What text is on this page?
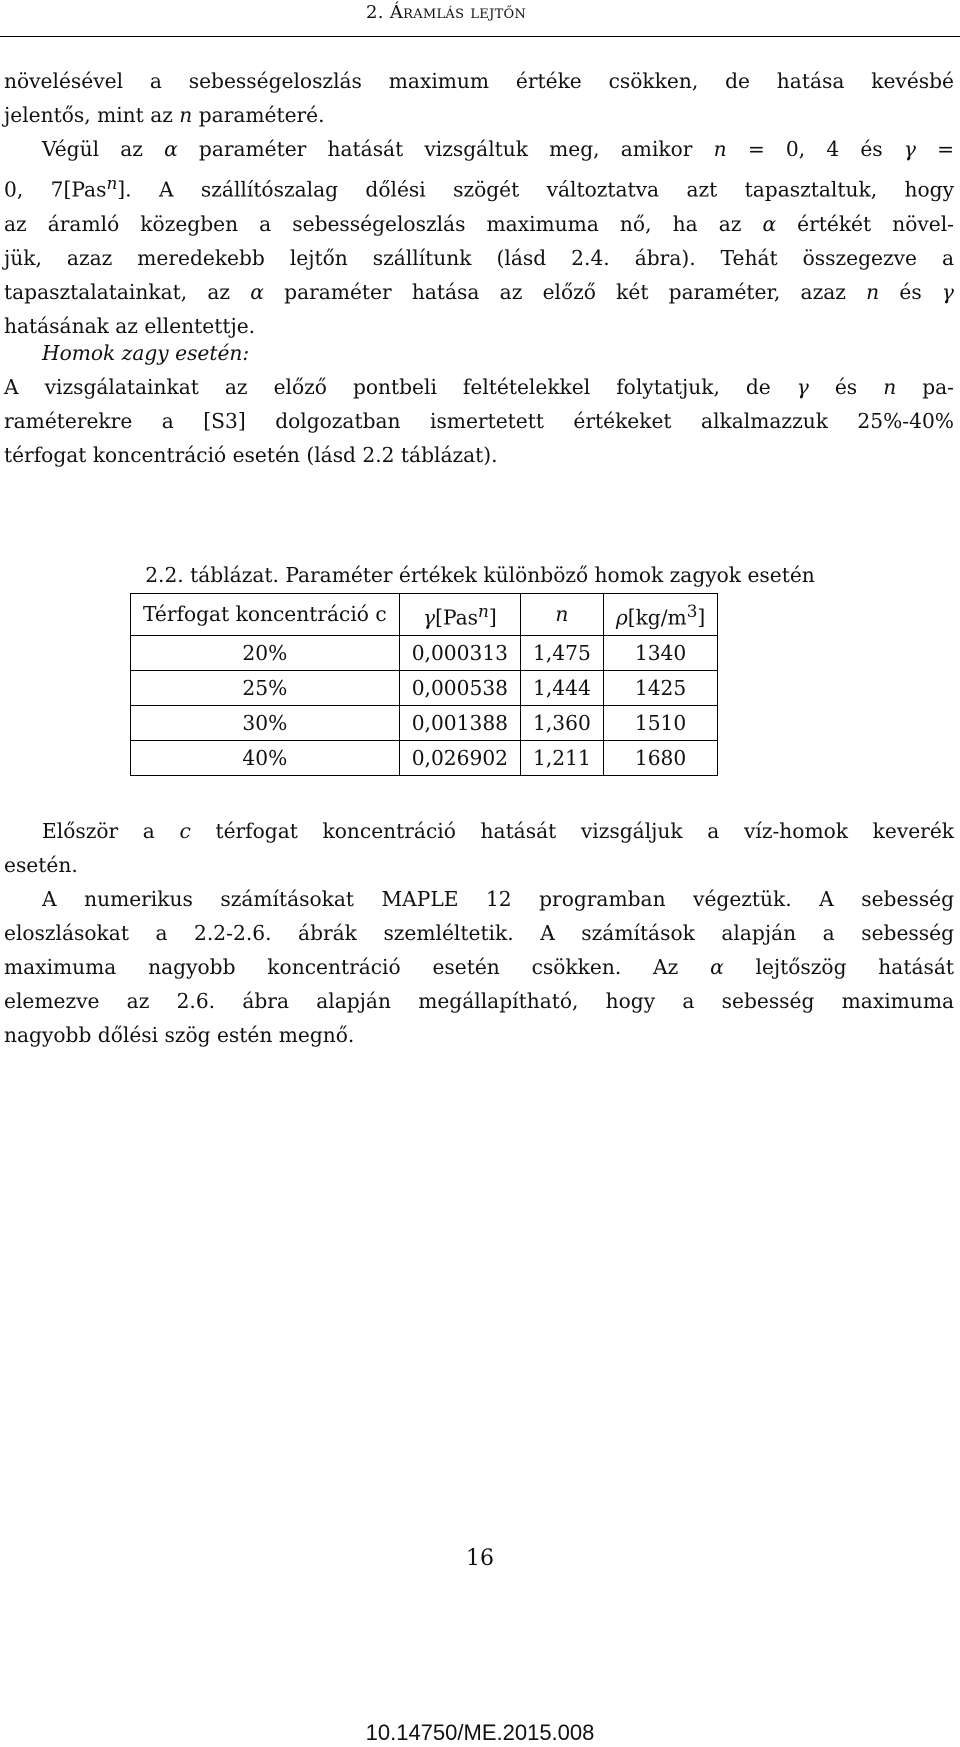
2. Áramlás lejtőn
növelésével a sebességeloszlás maximum értéke csökken, de hatása kevésbé
jelentős, mint az n paraméteré.
Végül az α paraméter hatását vizsgáltuk meg, amikor n = 0, 4 és γ =
0, 7[Pas$^n$]. A szállítószalag dőlési szögét változtatva azt tapasztaltuk, hogy
az áramló közegben a sebességeloszlás maximuma nő, ha az α értékét növel-
jük, azaz meredekebb lejtőn szállítunk (lásd 2.4. ábra). Tehát összegezve a
tapasztalatainkat, az α paraméter hatása az előző két paraméter, azaz n és γ
hatásának az ellentettje.
Homok zagy esetén:
A vizsgálatainkat az előző pontbeli feltételekkel folytatjuk, de γ és n pa-
raméterekre a [S3] dolgozatban ismertetett értékeket alkalmazzuk 25%-40%
térfogat koncentráció esetén (lásd 2.2 táblázat).
2.2. táblázat. Paraméter értékek különböző homok zagyok esetén
Térfogat koncentráció c	γ[Pas$^n$]	n	$\rho[kg/m^3]$
20%	0,000313	1,475	1340
25%	0,000538	1,444	1425
30%	0,001388	1,360	1510
40%	0,026902	1,211	1680
Először a c térfogat koncentráció hatását vizsgáljuk a víz-homok keverék
esetén.
A numerikus számításokat MAPLE 12 programban végeztük. A sebesség
eloszlásokat a 2.2-2.6. ábrák szemléltetik. A számítások alapján a sebesség
maximuma nagyobb koncentráció esetén csökken. Az α lejtőszög hatását
elemezve az 2.6. ábra alapján megállapítható, hogy a sebesség maximuma
nagyobb dőlési szög estén megnő.
16
10.14750/ME.2015.008
